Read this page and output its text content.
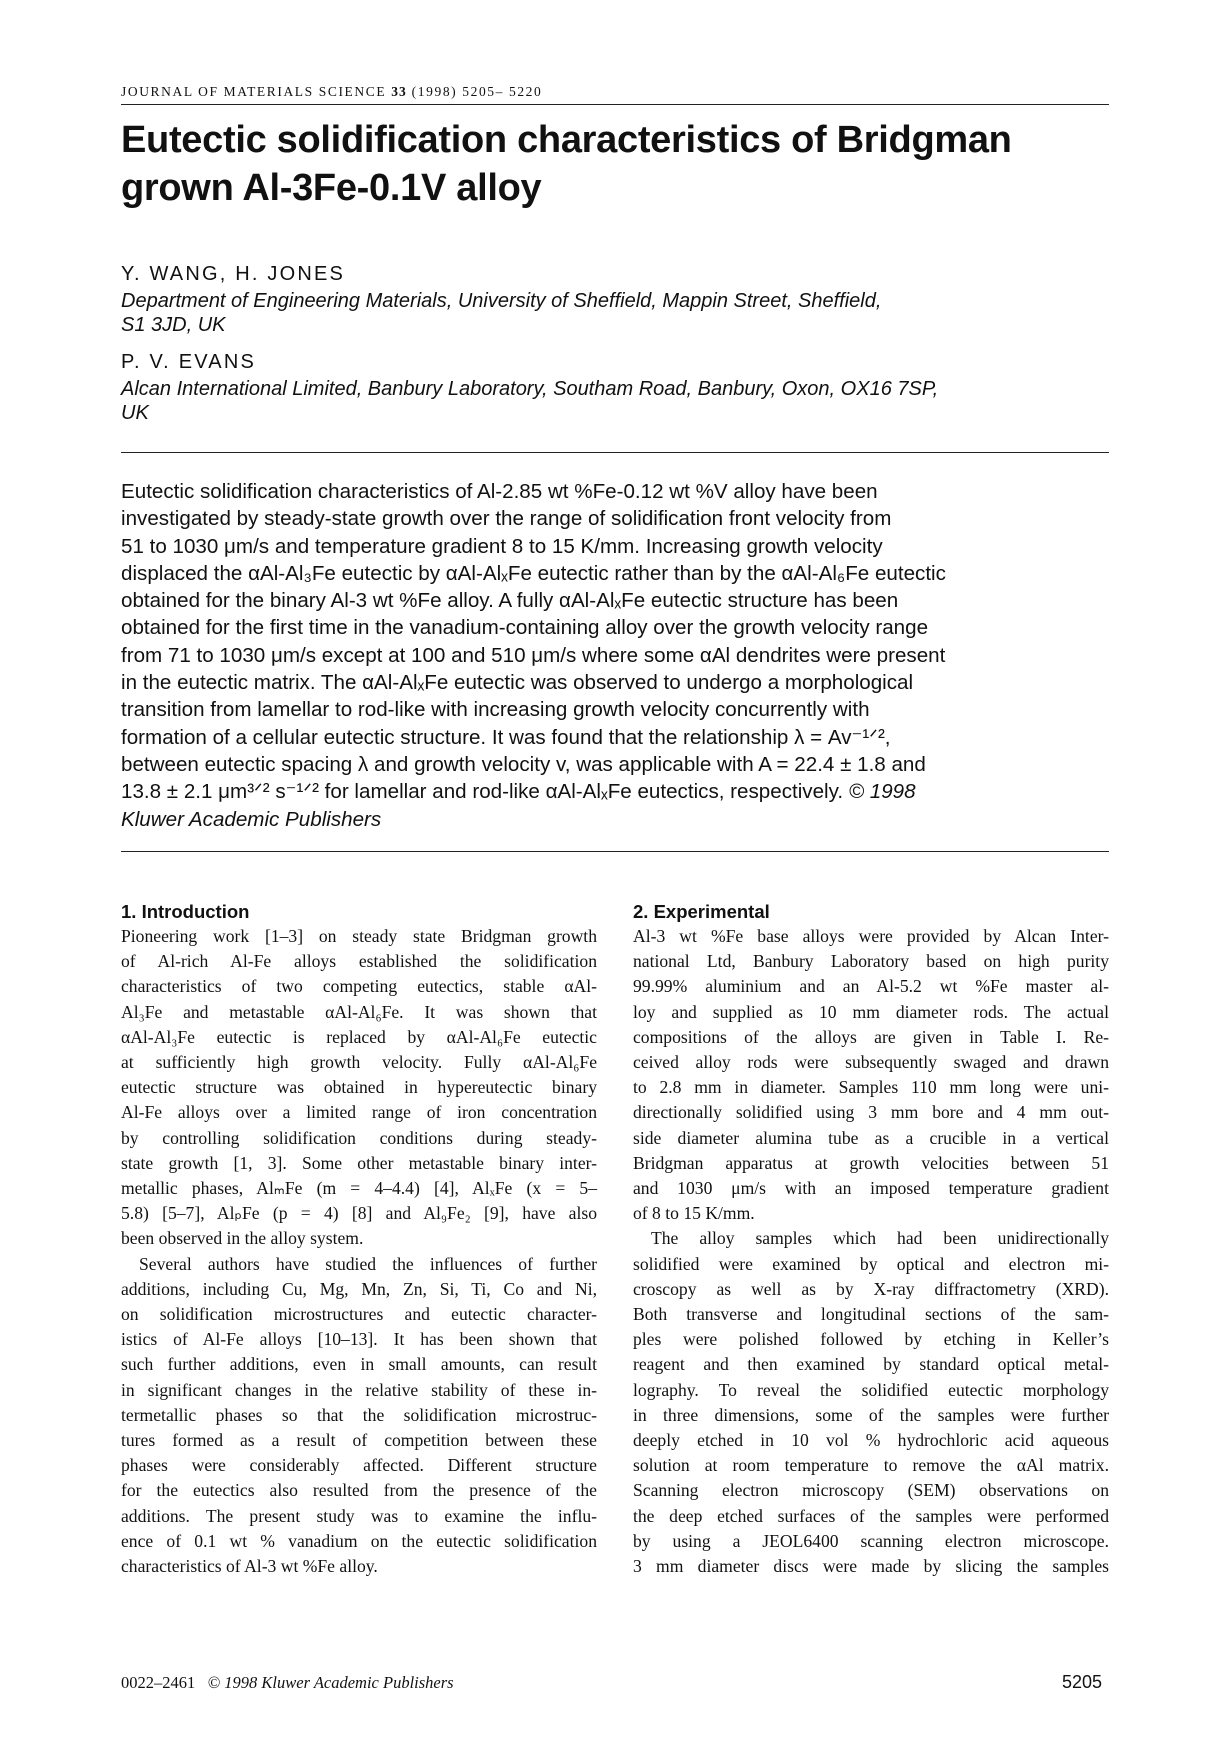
JOURNAL OF MATERIALS SCIENCE 33 (1998) 5205– 5220
Eutectic solidification characteristics of Bridgman
grown Al-3Fe-0.1V alloy
Y. WANG, H. JONES
Department of Engineering Materials, University of Sheffield, Mappin Street, Sheffield,
S1 3JD, UK
P. V. EVANS
Alcan International Limited, Banbury Laboratory, Southam Road, Banbury, Oxon, OX16 7SP,
UK
Eutectic solidification characteristics of Al-2.85 wt %Fe-0.12 wt %V alloy have been
investigated by steady-state growth over the range of solidification front velocity from
51 to 1030 μm/s and temperature gradient 8 to 15 K/mm. Increasing growth velocity
displaced the αAl-Al₃Fe eutectic by αAl-AlₓFe eutectic rather than by the αAl-Al₆Fe eutectic
obtained for the binary Al-3 wt %Fe alloy. A fully αAl-AlₓFe eutectic structure has been
obtained for the first time in the vanadium-containing alloy over the growth velocity range
from 71 to 1030 μm/s except at 100 and 510 μm/s where some αAl dendrites were present
in the eutectic matrix. The αAl-AlₓFe eutectic was observed to undergo a morphological
transition from lamellar to rod-like with increasing growth velocity concurrently with
formation of a cellular eutectic structure. It was found that the relationship λ = Av⁻¹ᐟ²,
between eutectic spacing λ and growth velocity v, was applicable with A = 22.4 ± 1.8 and
13.8 ± 2.1 μm³ᐟ² s⁻¹ᐟ² for lamellar and rod-like αAl-AlₓFe eutectics, respectively. © 1998
Kluwer Academic Publishers
1. Introduction
Pioneering work [1–3] on steady state Bridgman growth
of Al-rich Al-Fe alloys established the solidification
characteristics of two competing eutectics, stable αAl-
Al₃Fe and metastable αAl-Al₆Fe. It was shown that
αAl-Al₃Fe eutectic is replaced by αAl-Al₆Fe eutectic
at sufficiently high growth velocity. Fully αAl-Al₆Fe
eutectic structure was obtained in hypereutectic binary
Al-Fe alloys over a limited range of iron concentration
by controlling solidification conditions during steady-
state growth [1, 3]. Some other metastable binary inter-
metallic phases, AlₘFe (m = 4–4.4) [4], AlₓFe (x = 5–
5.8) [5–7], AlₚFe (p = 4) [8] and Al₉Fe₂ [9], have also
been observed in the alloy system.
Several authors have studied the influences of further
additions, including Cu, Mg, Mn, Zn, Si, Ti, Co and Ni,
on solidification microstructures and eutectic character-
istics of Al-Fe alloys [10–13]. It has been shown that
such further additions, even in small amounts, can result
in significant changes in the relative stability of these in-
termetallic phases so that the solidification microstruc-
tures formed as a result of competition between these
phases were considerably affected. Different structure
for the eutectics also resulted from the presence of the
additions. The present study was to examine the influ-
ence of 0.1 wt % vanadium on the eutectic solidification
characteristics of Al-3 wt %Fe alloy.
2. Experimental
Al-3 wt %Fe base alloys were provided by Alcan Inter-
national Ltd, Banbury Laboratory based on high purity
99.99% aluminium and an Al-5.2 wt %Fe master al-
loy and supplied as 10 mm diameter rods. The actual
compositions of the alloys are given in Table I. Re-
ceived alloy rods were subsequently swaged and drawn
to 2.8 mm in diameter. Samples 110 mm long were uni-
directionally solidified using 3 mm bore and 4 mm out-
side diameter alumina tube as a crucible in a vertical
Bridgman apparatus at growth velocities between 51
and 1030 μm/s with an imposed temperature gradient
of 8 to 15 K/mm.
The alloy samples which had been unidirectionally
solidified were examined by optical and electron mi-
croscopy as well as by X-ray diffractometry (XRD).
Both transverse and longitudinal sections of the sam-
ples were polished followed by etching in Keller’s
reagent and then examined by standard optical metal-
lography. To reveal the solidified eutectic morphology
in three dimensions, some of the samples were further
deeply etched in 10 vol % hydrochloric acid aqueous
solution at room temperature to remove the αAl matrix.
Scanning electron microscopy (SEM) observations on
the deep etched surfaces of the samples were performed
by using a JEOL6400 scanning electron microscope.
3 mm diameter discs were made by slicing the samples
0022–2461 © 1998 Kluwer Academic Publishers	5205
